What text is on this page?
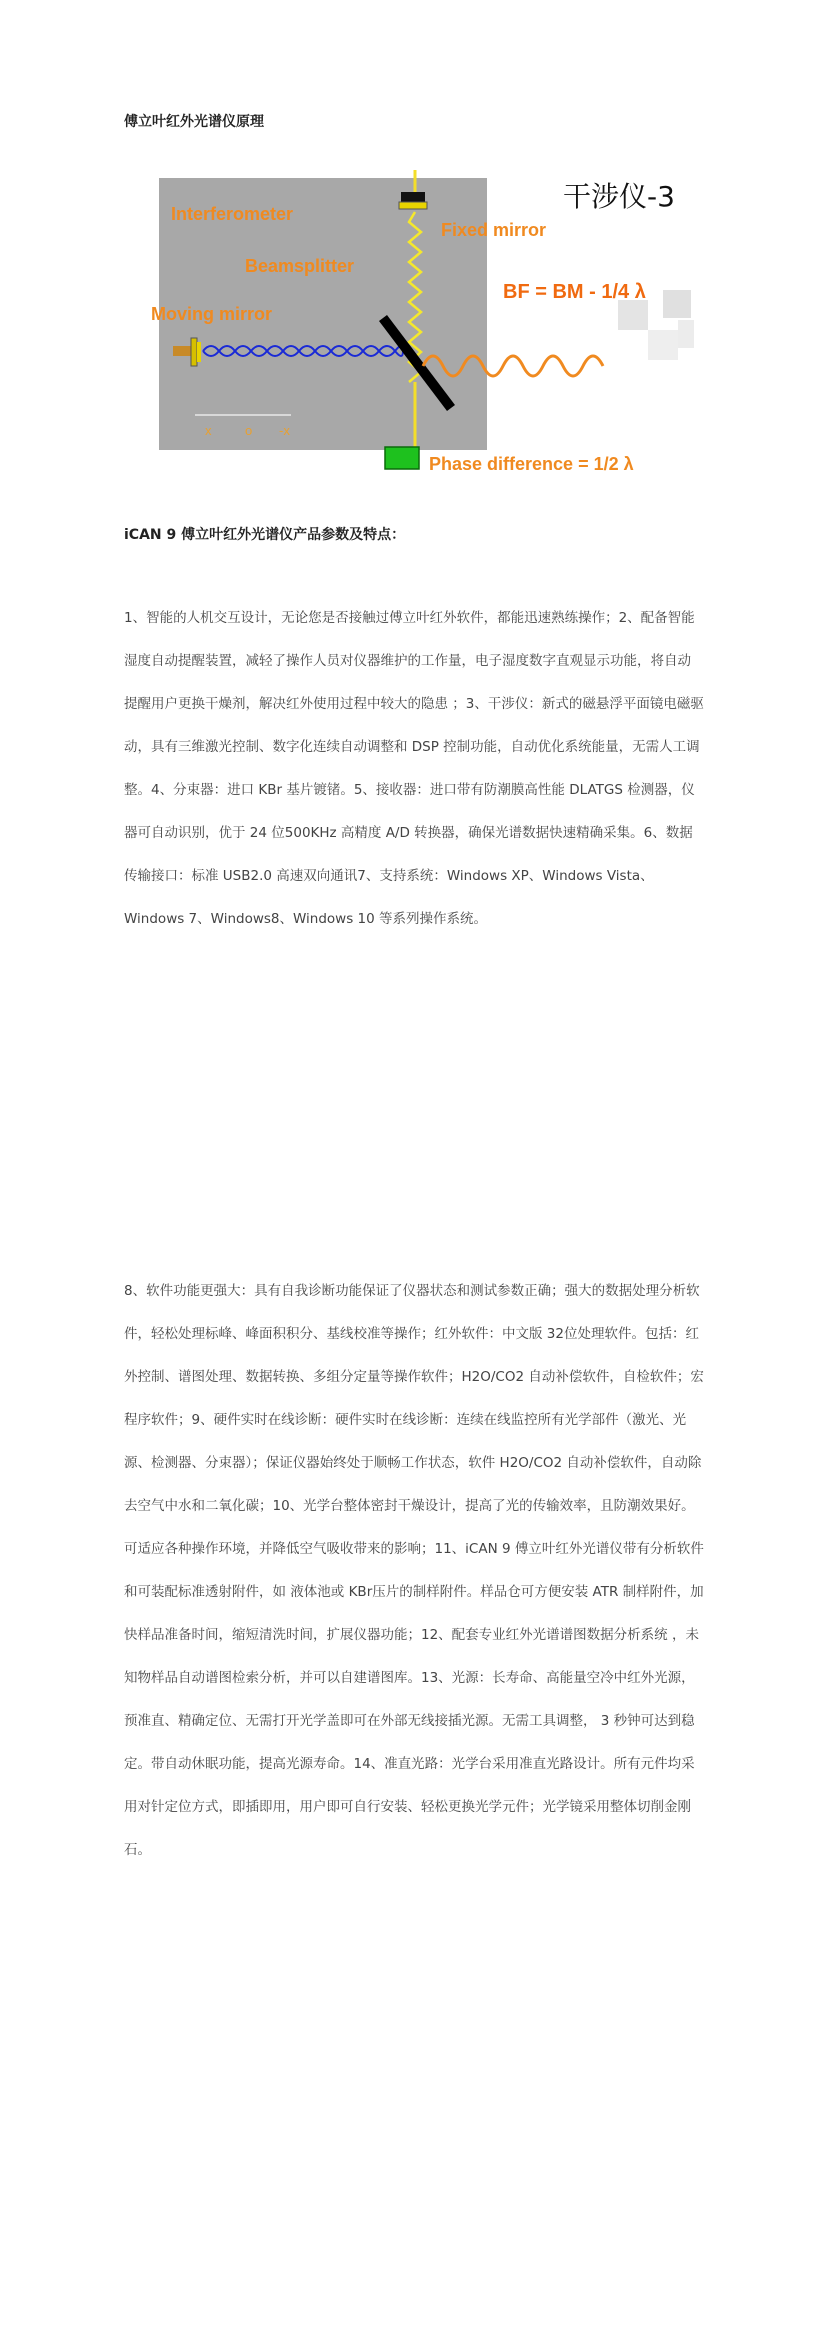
傅立叶红外光谱仪原理
干涉仪-3
Interferometer
Fixed mirror
Beamsplitter
Moving mirror
BF = BM - 1/4 λ
Phase difference = 1/2 λ
x	o -x
iCAN 9 傅立叶红外光谱仪产品参数及特点：

1、智能的人机交互设计，无论您是否接触过傅立叶红外软件，都能迅速熟练操作；2、配备智能湿度自动提醒装置，减轻了操作人员对仪器维护的工作量，电子湿度数字直观显示功能，将自动提醒用户更换干燥剂，解决红外使用过程中较大的隐患 ；3、干涉仪：新式的磁悬浮平面镜电磁驱动，具有三维激光控制、数字化连续自动调整和 DSP 控制功能，自动优化系统能量，无需人工调整。4、分束器：进口 KBr 基片镀锗。5、接收器：进口带有防潮膜高性能 DLATGS 检测器，仪器可自动识别，优于 24 位500KHz 高精度 A/D 转换器，确保光谱数据快速精确采集。6、数据传输接口：标准 USB2.0 高速双向通讯7、支持系统：Windows XP、Windows Vista、Windows 7、Windows8、Windows 10 等系列操作系统。

8、软件功能更强大：具有自我诊断功能保证了仪器状态和测试参数正确；强大的数据处理分析软件，轻松处理标峰、峰面积积分、基线校准等操作；红外软件：中文版 32位处理软件。包括：红外控制、谱图处理、数据转换、多组分定量等操作软件；H2O/CO2 自动补偿软件，自检软件；宏程序软件；9、硬件实时在线诊断：硬件实时在线诊断：连续在线监控所有光学部件（激光、光源、检测器、分束器）；保证仪器始终处于顺畅工作状态，软件 H2O/CO2 自动补偿软件，自动除去空气中水和二氧化碳；10、光学台整体密封干燥设计，提高了光的传输效率，且防潮效果好。可适应各种操作环境，并降低空气吸收带来的影响；11、iCAN 9 傅立叶红外光谱仪带有分析软件和可装配标准透射附件，如 液体池或 KBr压片的制样附件。样品仓可方便安装 ATR 制样附件，加快样品准备时间，缩短清洗时间，扩展仪器功能；12、配套专业红外光谱谱图数据分析系统 ，未知物样品自动谱图检索分析，并可以自建谱图库。13、光源：长寿命、高能量空冷中红外光源，预准直、精确定位、无需打开光学盖即可在外部无线接插光源。无需工具调整， 3 秒钟可达到稳定。带自动休眠功能，提高光源寿命。14、准直光路：光学台采用准直光路设计。所有元件均采用对针定位方式，即插即用，用户即可自行安装、轻松更换光学元件；光学镜采用整体切削金刚石。
